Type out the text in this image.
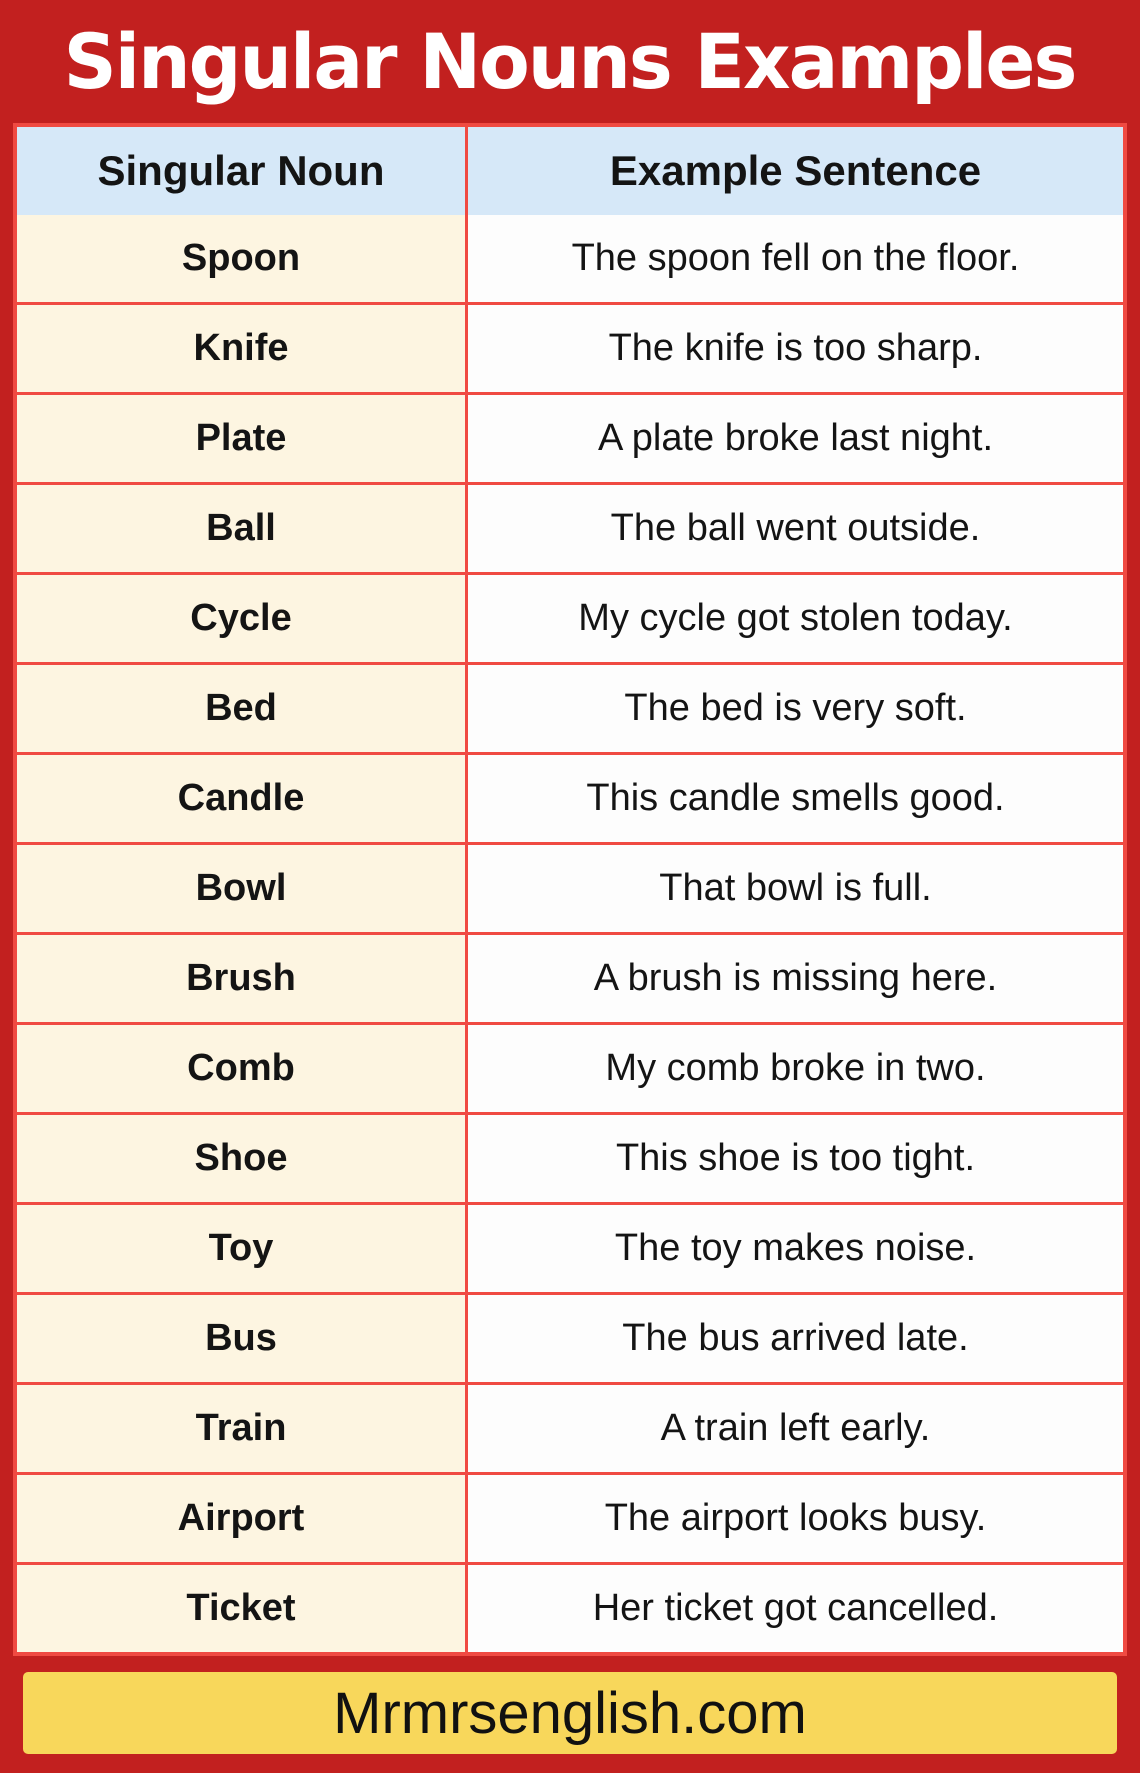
Singular Nouns Examples
Singular Noun	Example Sentence
Spoon	The spoon fell on the floor.
Knife	The knife is too sharp.
Plate	A plate broke last night.
Ball	The ball went outside.
Cycle	My cycle got stolen today.
Bed	The bed is very soft.
Candle	This candle smells good.
Bowl	That bowl is full.
Brush	A brush is missing here.
Comb	My comb broke in two.
Shoe	This shoe is too tight.
Toy	The toy makes noise.
Bus	The bus arrived late.
Train	A train left early.
Airport	The airport looks busy.
Ticket	Her ticket got cancelled.
Mrmrsenglish.com
